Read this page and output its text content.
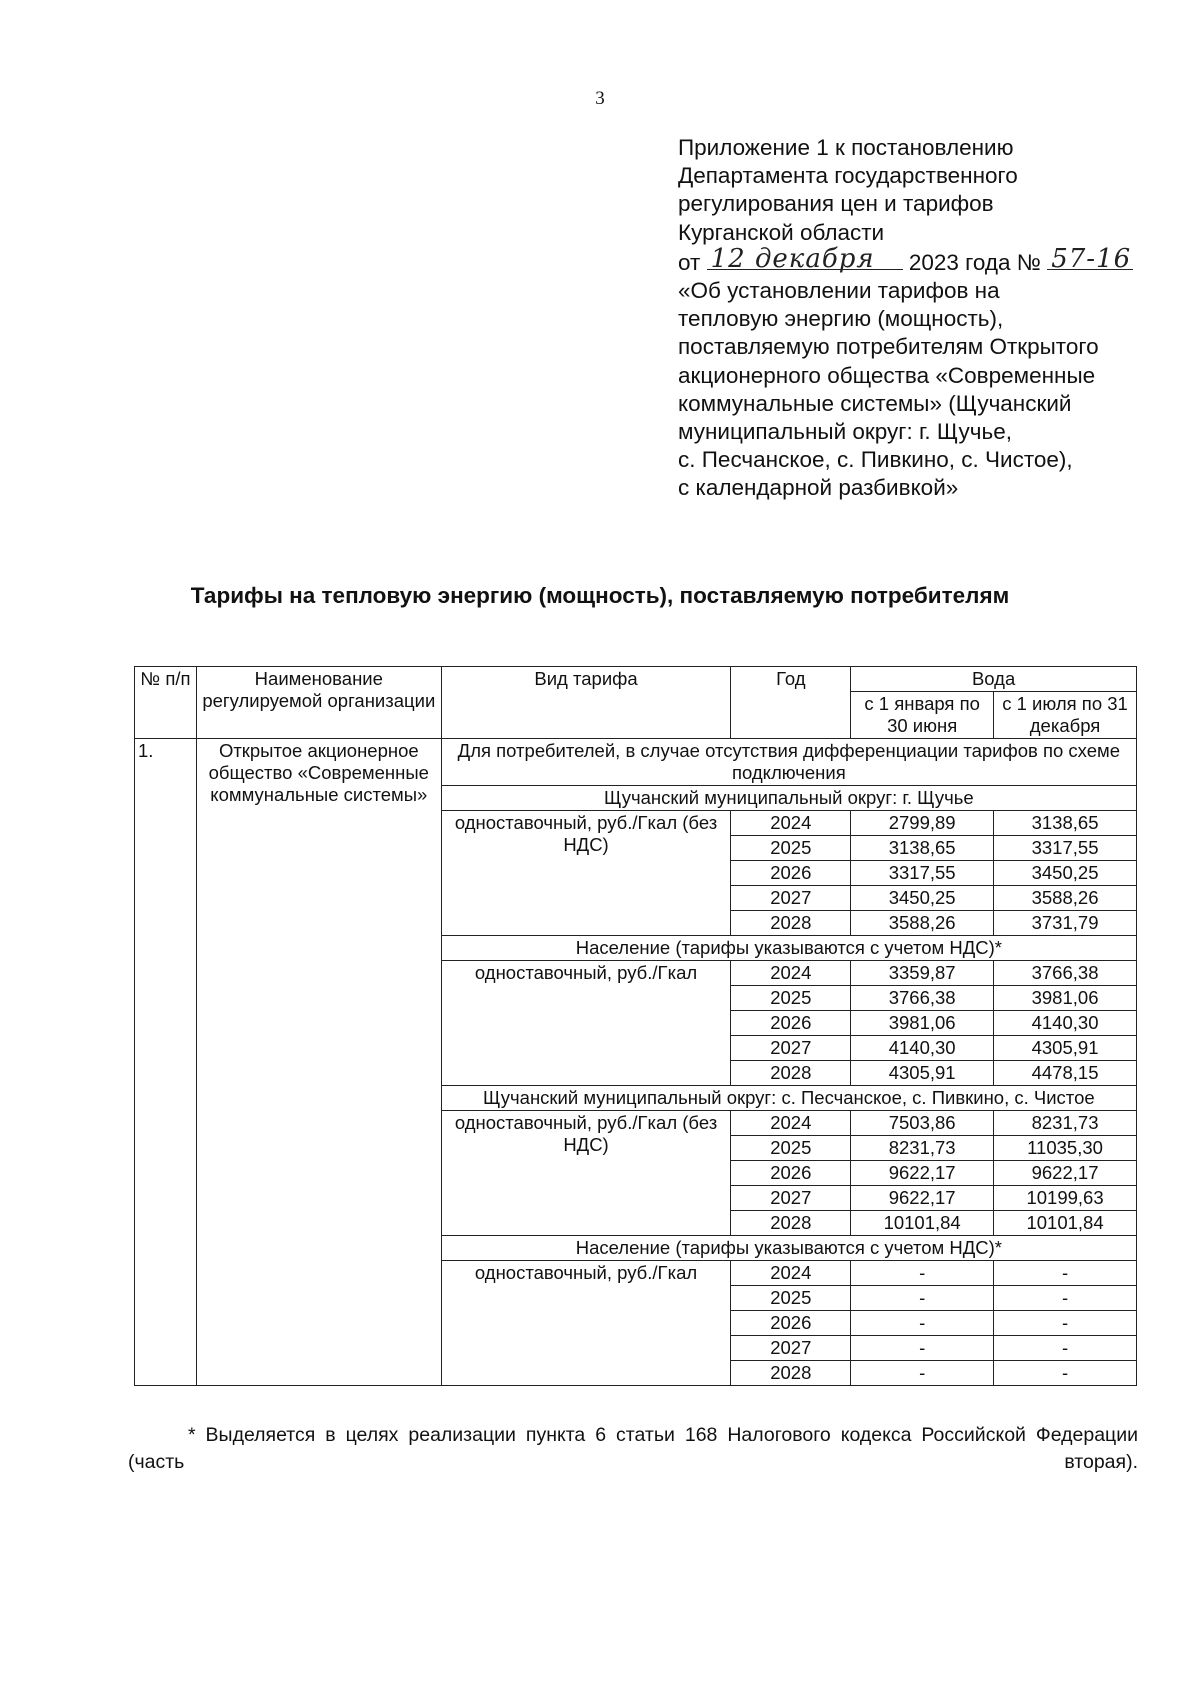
3
Приложение 1 к постановлению
Департамента государственного
регулирования цен и тарифов
Курганской области
от 12 декабря 2023 года № 57-16
«Об установлении тарифов на
тепловую энергию (мощность),
поставляемую потребителям Открытого
акционерного общества «Современные
коммунальные системы» (Щучанский
муниципальный округ: г. Щучье,
с. Песчанское, с. Пивкино, с. Чистое),
с календарной разбивкой»
Тарифы на тепловую энергию (мощность), поставляемую потребителям
№ п/п	Наименование регулируемой организации	Вид тарифа	Год	Вода	
				с 1 января по 30 июня	с 1 июля по 31 декабря
1.	Открытое акционерное общество «Современные коммунальные системы»	Для потребителей, в случае отсутствия дифференциации тарифов по схеме подключения			
		Щучанский муниципальный округ: г. Щучье			
		одноставочный, руб./Гкал (без НДС)	2024	2799,89	3138,65
			2025	3138,65	3317,55
			2026	3317,55	3450,25
			2027	3450,25	3588,26
			2028	3588,26	3731,79
		Население (тарифы указываются с учетом НДС)*			
		одноставочный, руб./Гкал	2024	3359,87	3766,38
			2025	3766,38	3981,06
			2026	3981,06	4140,30
			2027	4140,30	4305,91
			2028	4305,91	4478,15
		Щучанский муниципальный округ: с. Песчанское, с. Пивкино, с. Чистое			
		одноставочный, руб./Гкал (без НДС)	2024	7503,86	8231,73
			2025	8231,73	11035,30
			2026	9622,17	9622,17
			2027	9622,17	10199,63
			2028	10101,84	10101,84
		Население (тарифы указываются с учетом НДС)*			
		одноставочный, руб./Гкал	2024	-	-
			2025	-	-
			2026	-	-
			2027	-	-
			2028	-	-
* Выделяется в целях реализации пункта 6 статьи 168 Налогового кодекса Российской Федерации (часть вторая).
